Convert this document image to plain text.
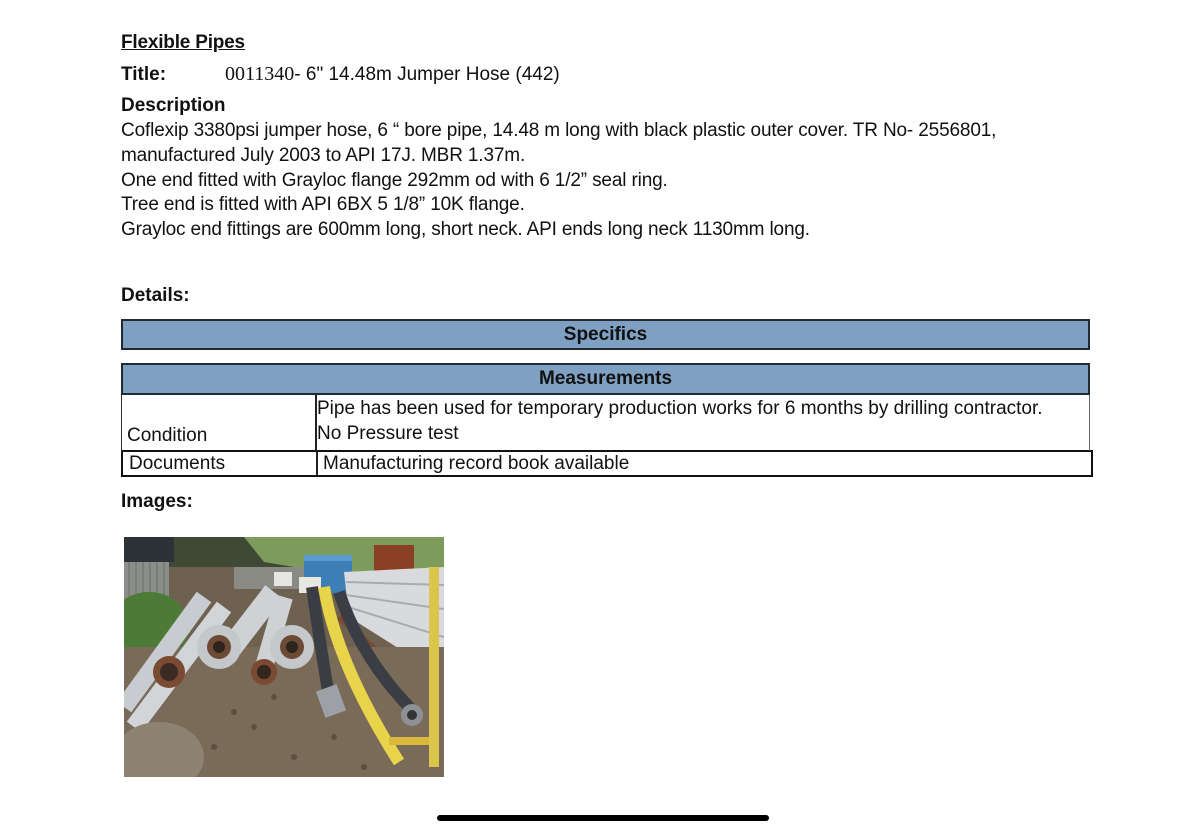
Flexible Pipes
Title:	0011340- 6" 14.48m Jumper Hose (442)
Description
Coflexip 3380psi jumper hose, 6 “ bore pipe, 14.48 m long with black plastic outer cover. TR No- 2556801,
manufactured July 2003 to API 17J. MBR 1.37m.
One end fitted with Grayloc flange 292mm od with 6 1/2” seal ring.
Tree end is fitted with API 6BX 5 1/8” 10K flange.
Grayloc end fittings are 600mm long, short neck. API ends long neck 1130mm long.
Details:
Specifics
Measurements
Condition
Pipe has been used for temporary production works for 6 months by drilling contractor.
No Pressure test
Documents	Manufacturing record book available
Images:
